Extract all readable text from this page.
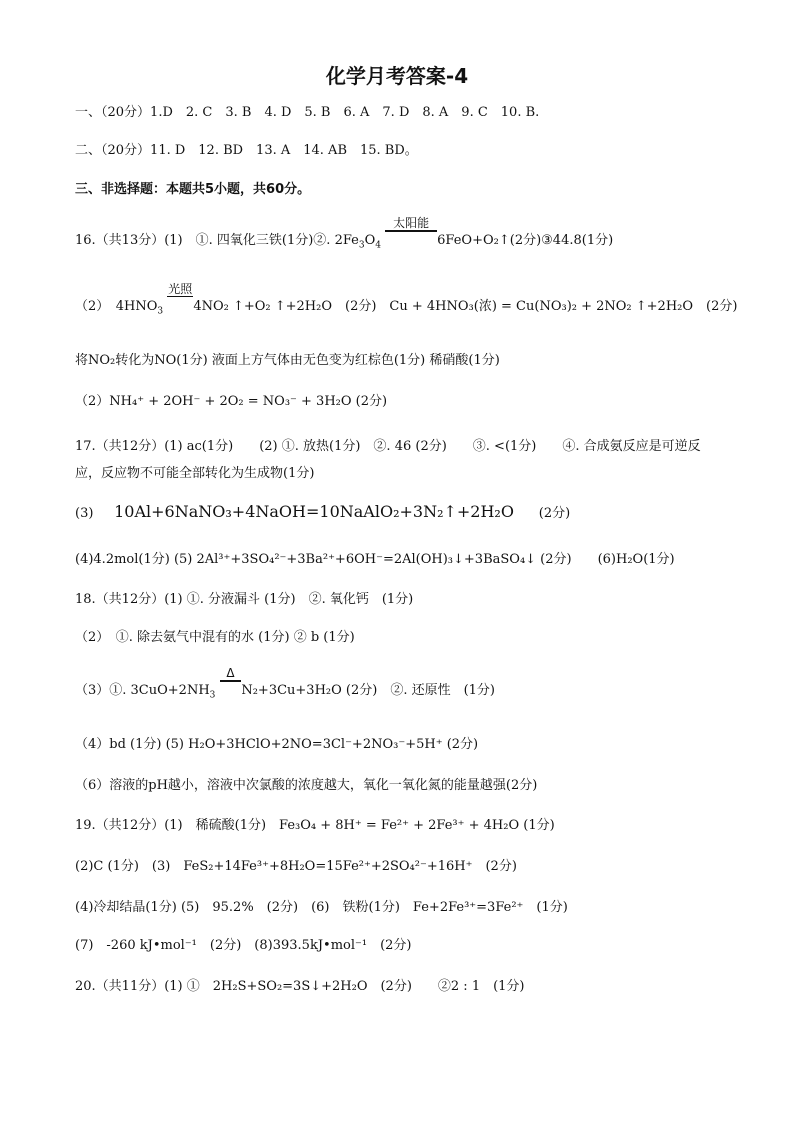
化学月考答案-4
一、（20分）1.D　2. C　3. B　4. D　5. B　6. A　7. D　8. A　9. C　10. B.
二、（20分）11. D　12. BD　13. A　14. AB　15. BD。
三、非选择题：本题共5小题，共60分。
16.（共13分）(1)　①. 四氧化三铁(1分)②. $2Fe_3O_4$
太阳能
6FeO+O₂↑(2分)③44.8(1分)
（2）　$4HNO_3$
光照
4NO₂ ↑+O₂ ↑+2H₂O　(2分)　Cu + 4HNO₃(浓) = Cu(NO₃)₂ + 2NO₂ ↑+2H₂O　(2分)
将NO₂转化为NO(1分) 液面上方气体由无色变为红棕色(1分) 稀硝酸(1分)
（2）NH₄⁺ + 2OH⁻ + 2O₂ = NO₃⁻ + 3H₂O (2分)
17.（共12分）(1) ac(1分)　　(2) ①. 放热(1分)　②. 46 (2分)　　③. <(1分)　　④. 合成氨反应是可逆反应，反应物不可能全部转化为生成物(1分)
(3) 10Al+6NaNO₃+4NaOH=10NaAlO₂+3N₂↑+2H₂O (2分)
(4)4.2mol(1分) (5) 2Al³⁺+3SO₄²⁻+3Ba²⁺+6OH⁻=2Al(OH)₃↓+3BaSO₄↓ (2分)　　(6)H₂O(1分)
18.（共12分）(1) ①. 分液漏斗 (1分)　②. 氧化钙　(1分)
（2）　①. 除去氨气中混有的水 (1分) ② b (1分)
（3）①. $3CuO+2NH_3$
Δ
N₂+3Cu+3H₂O (2分)　②. 还原性　(1分)
（4）bd (1分) (5) H₂O+3HClO+2NO=3Cl⁻+2NO₃⁻+5H⁺ (2分)
（6）溶液的pH越小，溶液中次氯酸的浓度越大，氧化一氧化氮的能量越强(2分)
19.（共12分）(1)　稀硫酸(1分)　Fe₃O₄ + 8H⁺ = Fe²⁺ + 2Fe³⁺ + 4H₂O (1分)
(2)C (1分)　(3)　FeS₂+14Fe³⁺+8H₂O=15Fe²⁺+2SO₄²⁻+16H⁺　(2分)
(4)冷却结晶(1分) (5)　95.2%　(2分)　(6)　铁粉(1分)　Fe+2Fe³⁺=3Fe²⁺　(1分)
(7)　-260 kJ•mol⁻¹　(2分)　(8)393.5kJ•mol⁻¹　(2分)
20.（共11分）(1) ①　2H₂S+SO₂=3S↓+2H₂O　(2分)　　②2 : 1　(1分)
